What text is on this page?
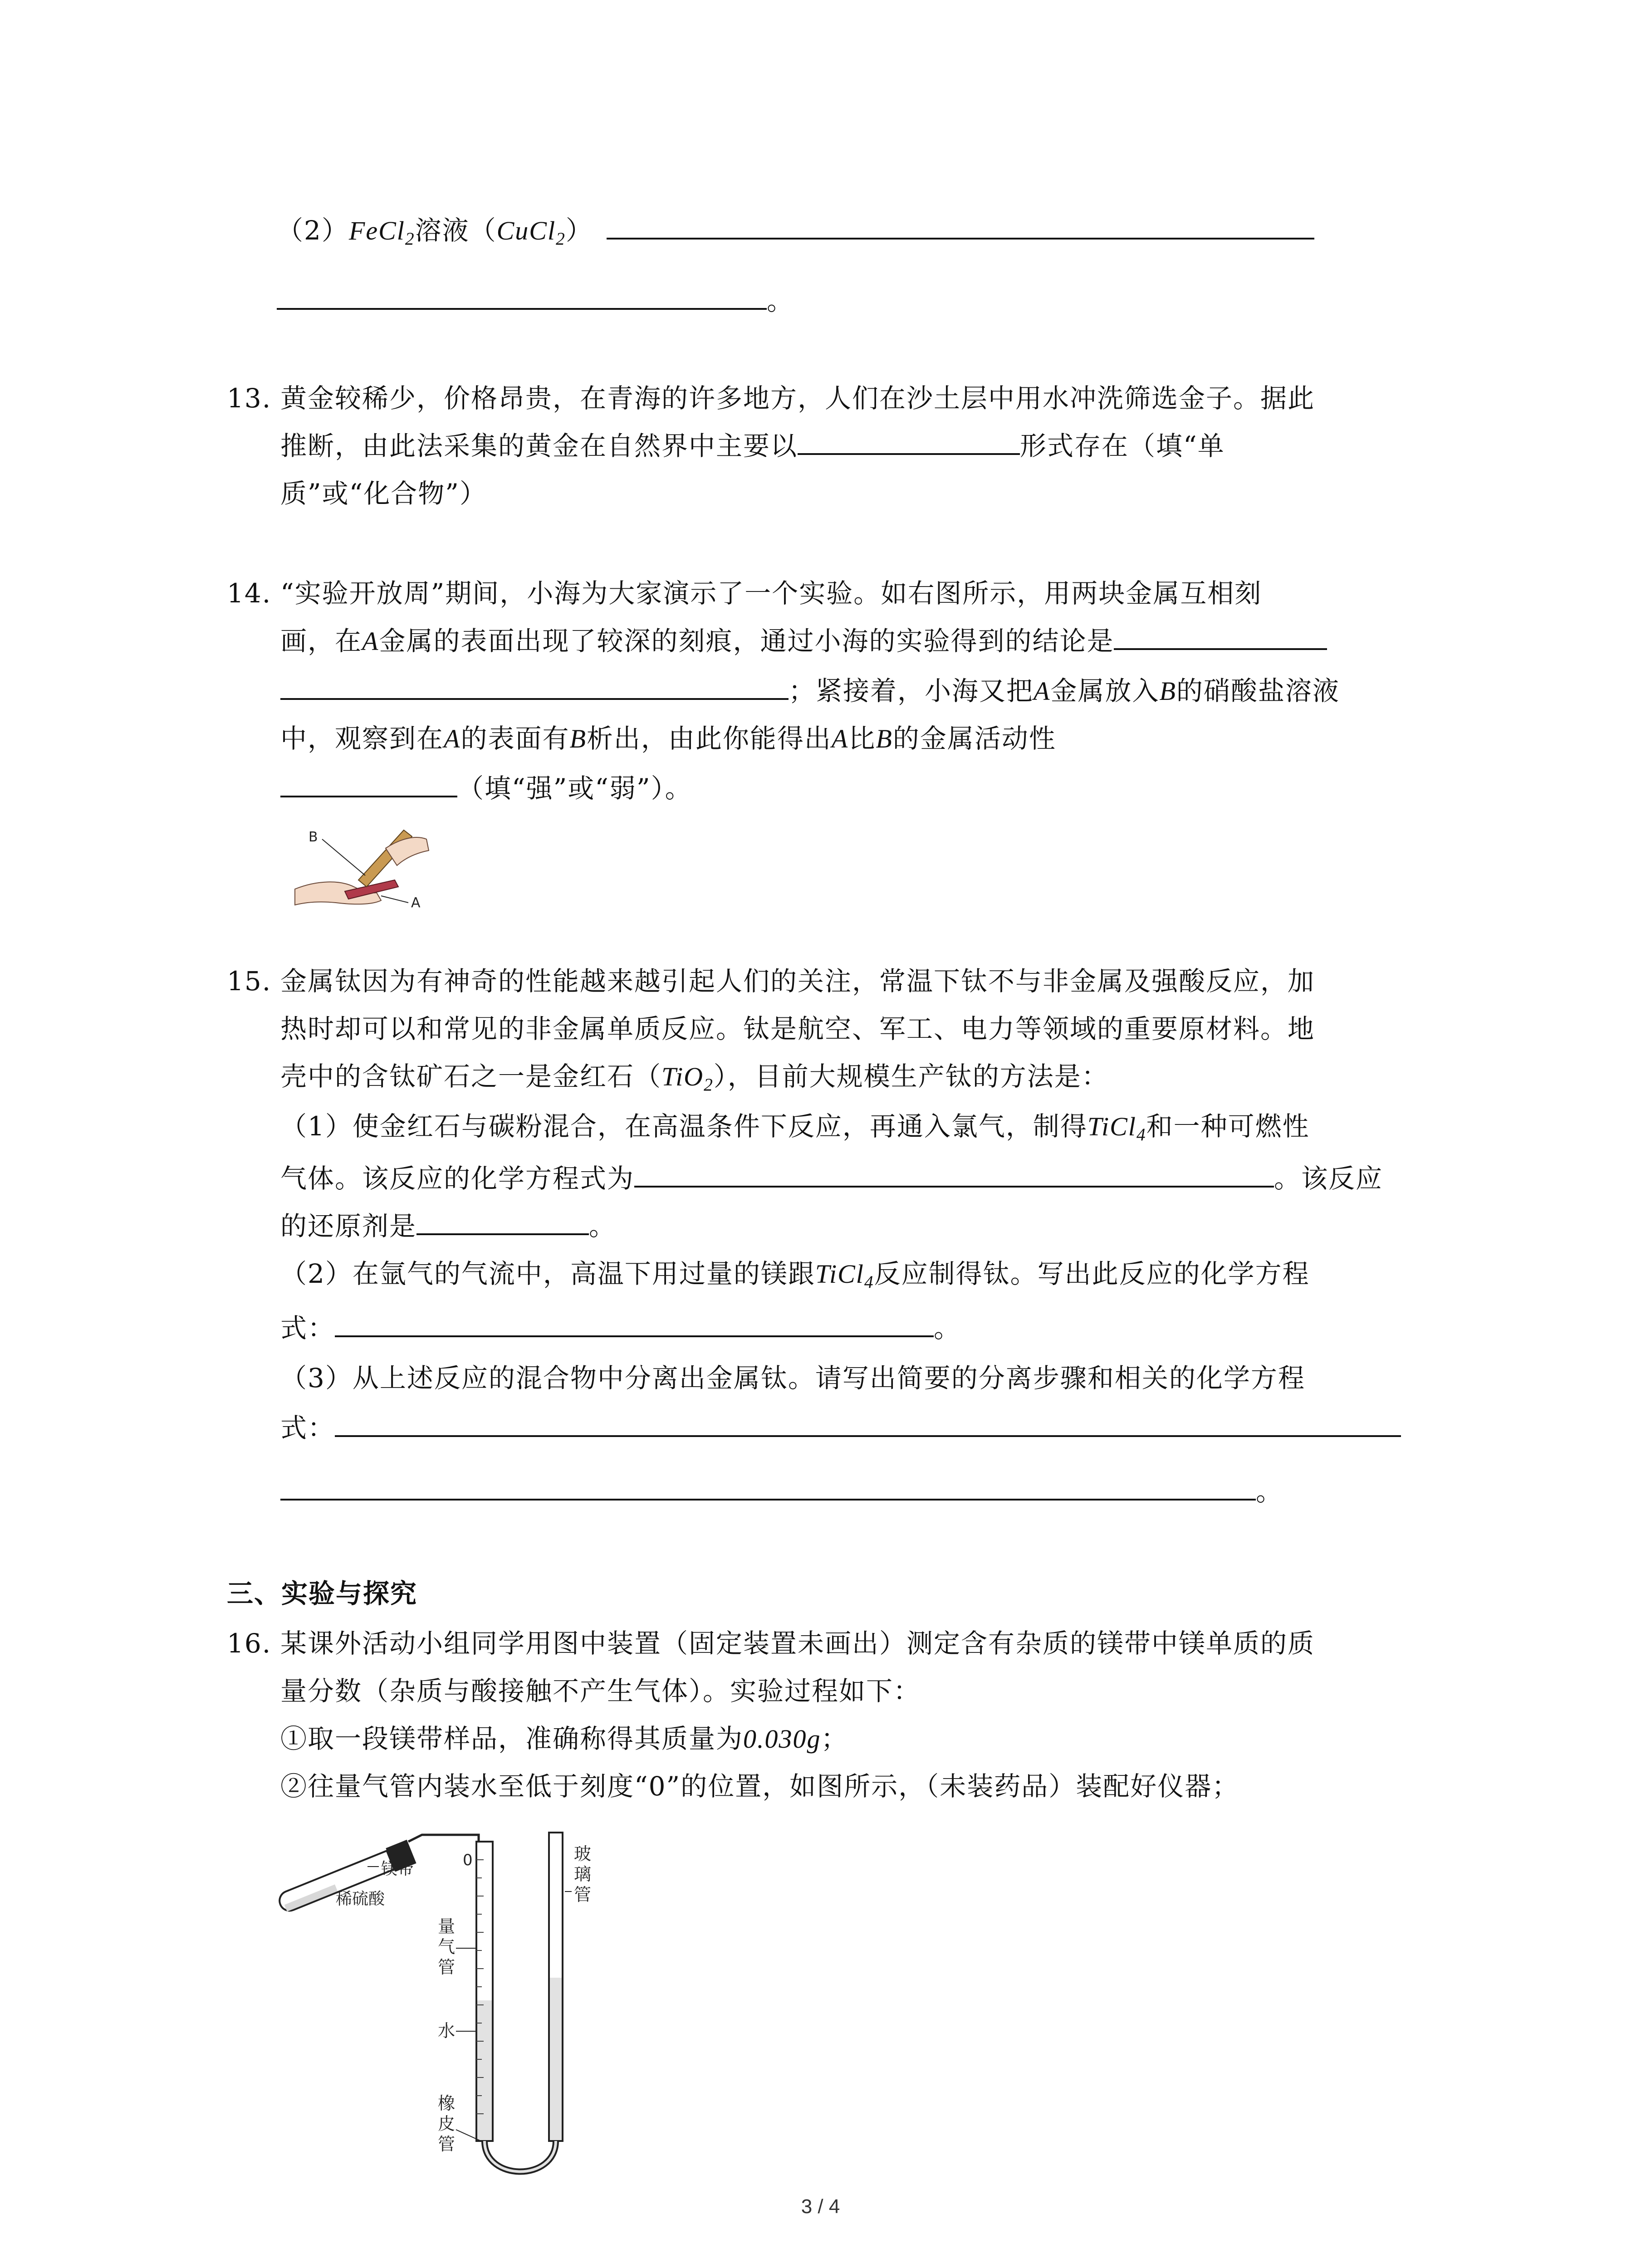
（2）FeCl$_2$溶液（CuCl$_2$）
。
13. 黄金较稀少，价格昂贵，在青海的许多地方，人们在沙土层中用水冲洗筛选金子。据此
推断，由此法采集的黄金在自然界中主要以	形式存在（填“单
质”或“化合物”）
14. “实验开放周”期间，小海为大家演示了一个实验。如右图所示，用两块金属互相刻
画，在A金属的表面出现了较深的刻痕，通过小海的实验得到的结论是
；紧接着，小海又把A金属放入B的硝酸盐溶液
中，观察到在A的表面有B析出，由此你能得出A比B的金属活动性
（填“强”或“弱”）。
B
A
15. 金属钛因为有神奇的性能越来越引起人们的关注，常温下钛不与非金属及强酸反应，加
热时却可以和常见的非金属单质反应。钛是航空、军工、电力等领域的重要原材料。地
壳中的含钛矿石之一是金红石（TiO$_2$），目前大规模生产钛的方法是：
（1）使金红石与碳粉混合，在高温条件下反应，再通入氯气，制得TiCl$_4$和一种可燃性
气体。该反应的化学方程式为	。该反应
的还原剂是	。
（2）在氩气的气流中，高温下用过量的镁跟TiCl$_4$反应制得钛。写出此反应的化学方程
式：	。
（3）从上述反应的混合物中分离出金属钛。请写出简要的分离步骤和相关的化学方程
式：
。
三、实验与探究
16. 某课外活动小组同学用图中装置（固定装置未画出）测定含有杂质的镁带中镁单质的质
量分数（杂质与酸接触不产生气体）。实验过程如下：
①取一段镁带样品，准确称得其质量为0.030g；
②往量气管内装水至低于刻度“0”的位置，如图所示，（未装药品）装配好仪器；
镁带
稀硫酸
0	玻
璃
管
量
气
管
水
橡
皮
管
3 / 4
